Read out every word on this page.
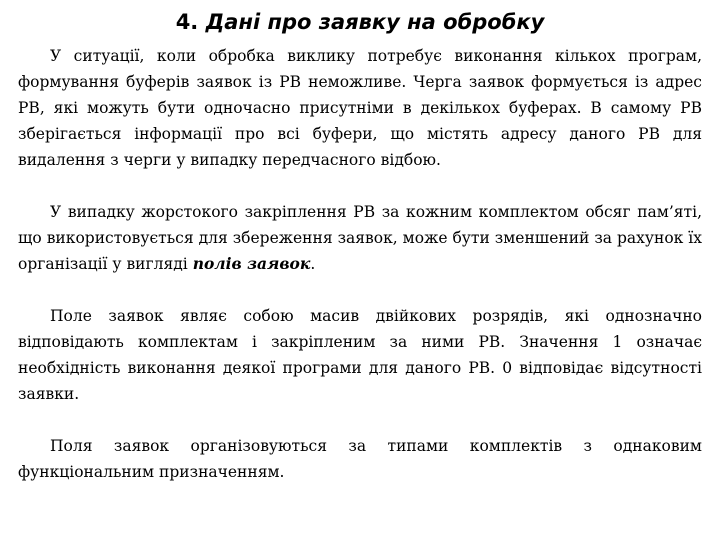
4. Дані про заявку на обробку

У ситуації, коли обробка виклику потребує виконання кількох програм, формування буферів заявок із РВ неможливе. Черга заявок формується із адрес РВ, які можуть бути одночасно присутніми в декількох буферах. В самому РВ зберігається інформації про всі буфери, що містять адресу даного РВ для видалення з черги у випадку передчасного відбою.

У випадку жорстокого закріплення РВ за кожним комплектом обсяг пам’яті, що використовується для збереження заявок, може бути зменшений за рахунок їх організації у вигляді полів заявок.

Поле заявок являє собою масив двійкових розрядів, які однозначно відповідають комплектам і закріпленим за ними РВ. Значення 1 означає необхідність виконання деякої програми для даного РВ. 0 відповідає відсутності заявки.

Поля заявок організовуються за типами комплектів з однаковим функціональним призначенням.
